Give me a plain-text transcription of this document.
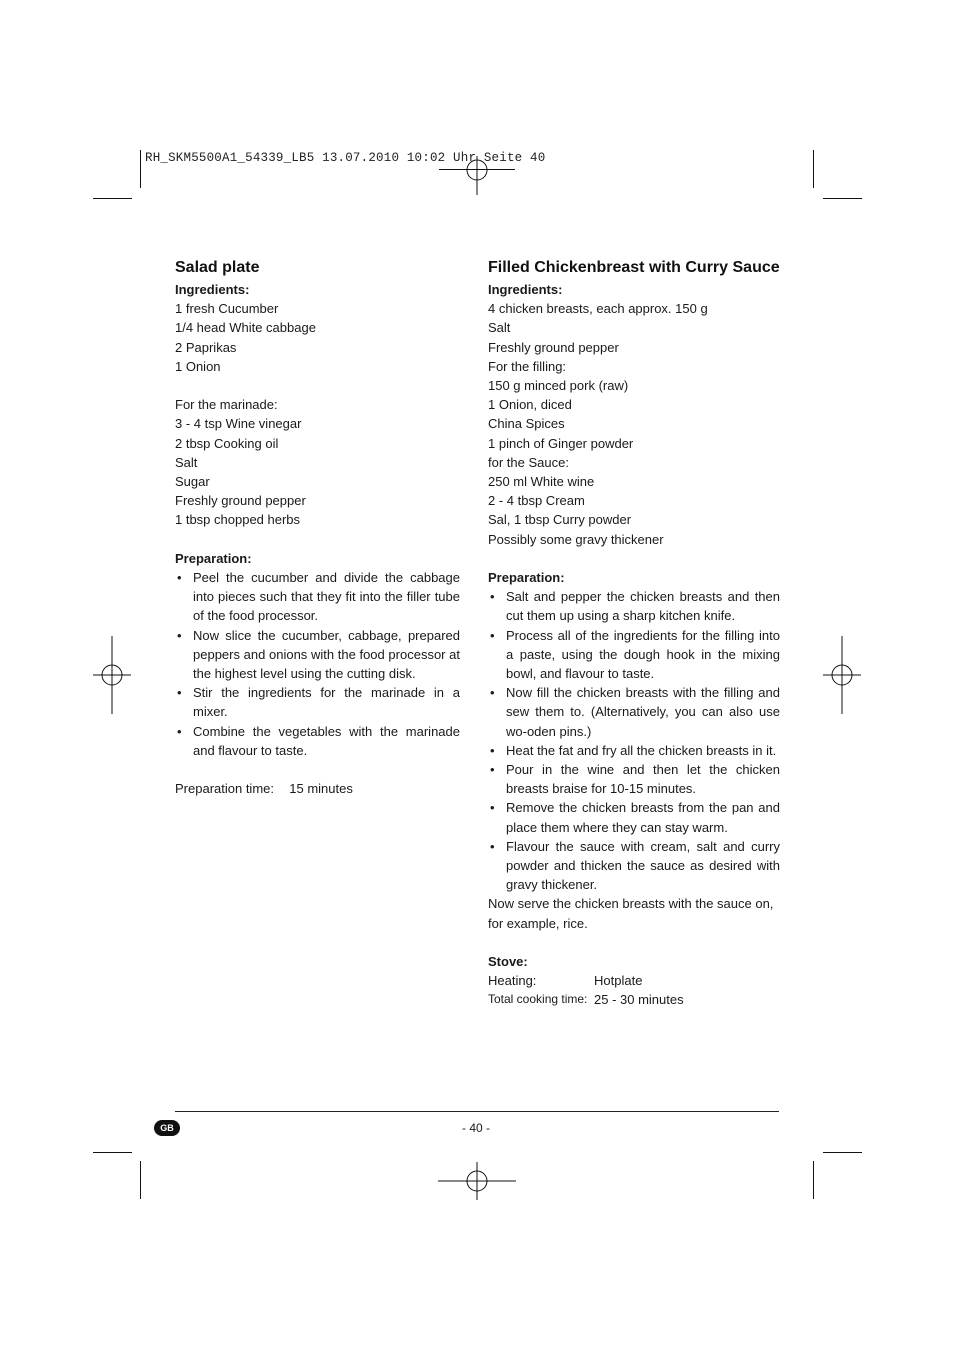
RH_SKM5500A1_54339_LB5 13.07.2010 10:02 Uhr Seite 40
Salad plate
Ingredients:
1 fresh Cucumber
1/4 head White cabbage
2 Paprikas
1 Onion
For the marinade:
3 - 4 tsp Wine vinegar
2 tbsp Cooking oil
Salt
Sugar
Freshly ground pepper
1 tbsp chopped herbs
Preparation:
• Peel the cucumber and divide the cabbage into pieces such that they fit into the filler tube of the food processor.
• Now slice the cucumber, cabbage, prepared peppers and onions with the food processor at the highest level using the cutting disk.
• Stir the ingredients for the marinade in a mixer.
• Combine the vegetables with the marinade and flavour to taste.
Preparation time: 15 minutes
Filled Chickenbreast with Curry Sauce
Ingredients:
4 chicken breasts, each approx. 150 g
Salt
Freshly ground pepper
For the filling:
150 g minced pork (raw)
1 Onion, diced
China Spices
1 pinch of Ginger powder
for the Sauce:
250 ml White wine
2 - 4 tbsp Cream
Sal, 1 tbsp Curry powder
Possibly some gravy thickener
Preparation:
• Salt and pepper the chicken breasts and then cut them up using a sharp kitchen knife.
• Process all of the ingredients for the filling into a paste, using the dough hook in the mixing bowl, and flavour to taste.
• Now fill the chicken breasts with the filling and sew them to. (Alternatively, you can also use wo-oden pins.)
• Heat the fat and fry all the chicken breasts in it.
• Pour in the wine and then let the chicken breasts braise for 10-15 minutes.
• Remove the chicken breasts from the pan and place them where they can stay warm.
• Flavour the sauce with cream, salt and curry powder and thicken the sauce as desired with gravy thickener.
Now serve the chicken breasts with the sauce on, for example, rice.
Stove:
Heating:	Hotplate
Total cooking time: 25 - 30 minutes
GB	- 40 -
